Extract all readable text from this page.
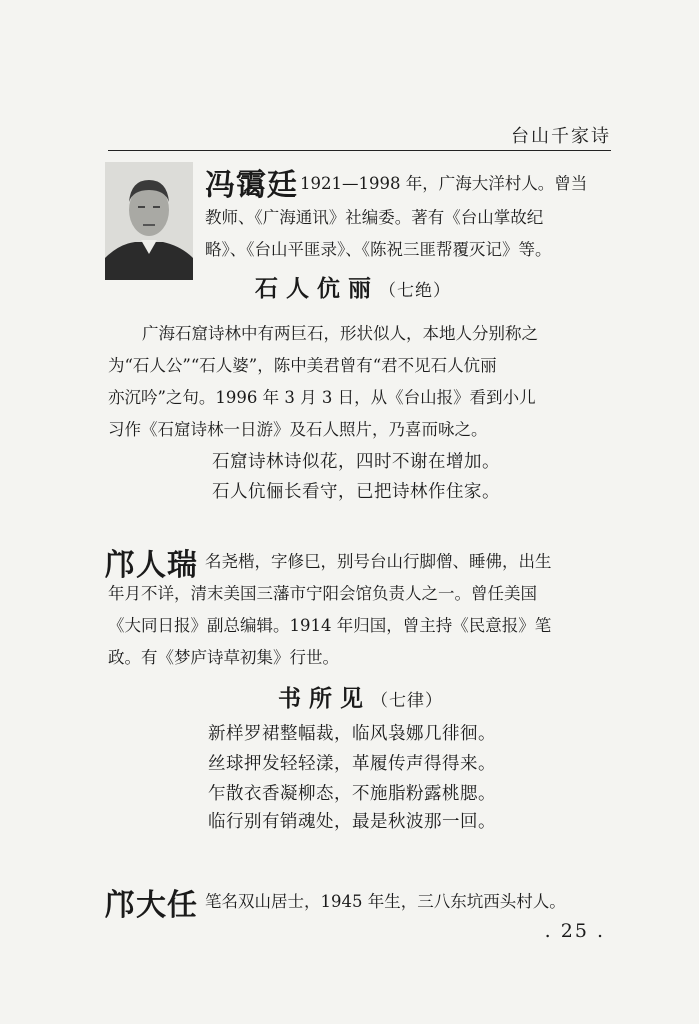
台山千家诗
冯霭廷 1921—1998 年，广海大洋村人。曾当
教师、《广海通讯》社编委。著有《台山掌故纪
略》、《台山平匪录》、《陈祝三匪帮覆灭记》等。
石人伉丽（七绝）
广海石窟诗林中有两巨石，形状似人，本地人分别称之
为“石人公”“石人婆”，陈中美君曾有“君不见石人伉丽
亦沉吟”之句。1996 年 3 月 3 日，从《台山报》看到小儿
习作《石窟诗林一日游》及石人照片，乃喜而咏之。
石窟诗林诗似花，四时不谢在增加。
石人伉俪长看守，已把诗林作住家。
邝人瑞 名尧楷，字修巳，别号台山行脚僧、睡佛，出生
年月不详，清末美国三藩市宁阳会馆负责人之一。曾任美国
《大同日报》副总编辑。1914 年归国，曾主持《民意报》笔
政。有《梦庐诗草初集》行世。
书所见（七律）
新样罗裙整幅裁，临风袅娜几徘徊。
丝球押发轻轻漾，革履传声得得来。
乍散衣香凝柳态，不施脂粉露桃腮。
临行别有销魂处，最是秋波那一回。
邝大任 笔名双山居士，1945 年生，三八东坑西头村人。
. 25 .
